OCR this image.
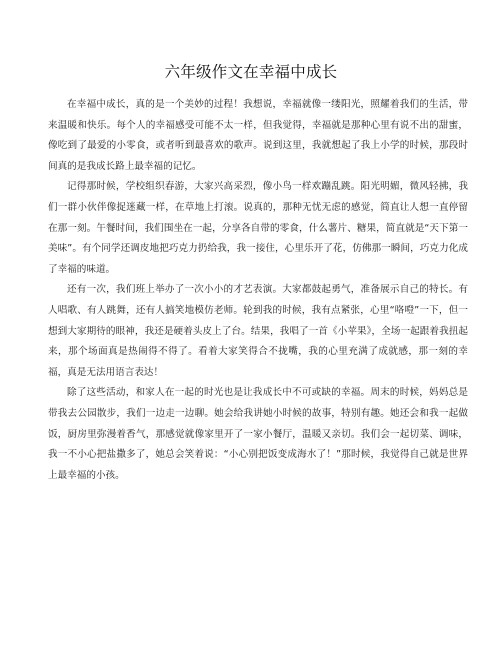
六年级作文在幸福中成长

在幸福中成长，真的是一个美妙的过程！我想说，幸福就像一缕阳光，照耀着我们的生活，带来温暖和快乐。每个人的幸福感受可能不太一样，但我觉得，幸福就是那种心里有说不出的甜蜜，像吃到了最爱的小零食，或者听到最喜欢的歌声。说到这里，我就想起了我上小学的时候，那段时间真的是我成长路上最幸福的记忆。

记得那时候，学校组织春游，大家兴高采烈，像小鸟一样欢蹦乱跳。阳光明媚，微风轻拂，我们一群小伙伴像捉迷藏一样，在草地上打滚。说真的，那种无忧无虑的感觉，简直让人想一直停留在那一刻。午餐时间，我们围坐在一起，分享各自带的零食，什么薯片、糖果，简直就是“天下第一美味”。有个同学还调皮地把巧克力扔给我，我一接住，心里乐开了花，仿佛那一瞬间，巧克力化成了幸福的味道。

还有一次，我们班上举办了一次小小的才艺表演。大家都鼓起勇气，准备展示自己的特长。有人唱歌、有人跳舞，还有人搞笑地模仿老师。轮到我的时候，我有点紧张，心里“咯噔”一下，但一想到大家期待的眼神，我还是硬着头皮上了台。结果，我唱了一首《小苹果》，全场一起跟着我扭起来，那个场面真是热闹得不得了。看着大家笑得合不拢嘴，我的心里充满了成就感，那一刻的幸福，真是无法用语言表达！

除了这些活动，和家人在一起的时光也是让我成长中不可或缺的幸福。周末的时候，妈妈总是带我去公园散步，我们一边走一边聊。她会给我讲她小时候的故事，特别有趣。她还会和我一起做饭，厨房里弥漫着香气，那感觉就像家里开了一家小餐厅，温暖又亲切。我们会一起切菜、调味，我一不小心把盐撒多了，她总会笑着说：“小心别把饭变成海水了！”那时候，我觉得自己就是世界上最幸福的小孩。
